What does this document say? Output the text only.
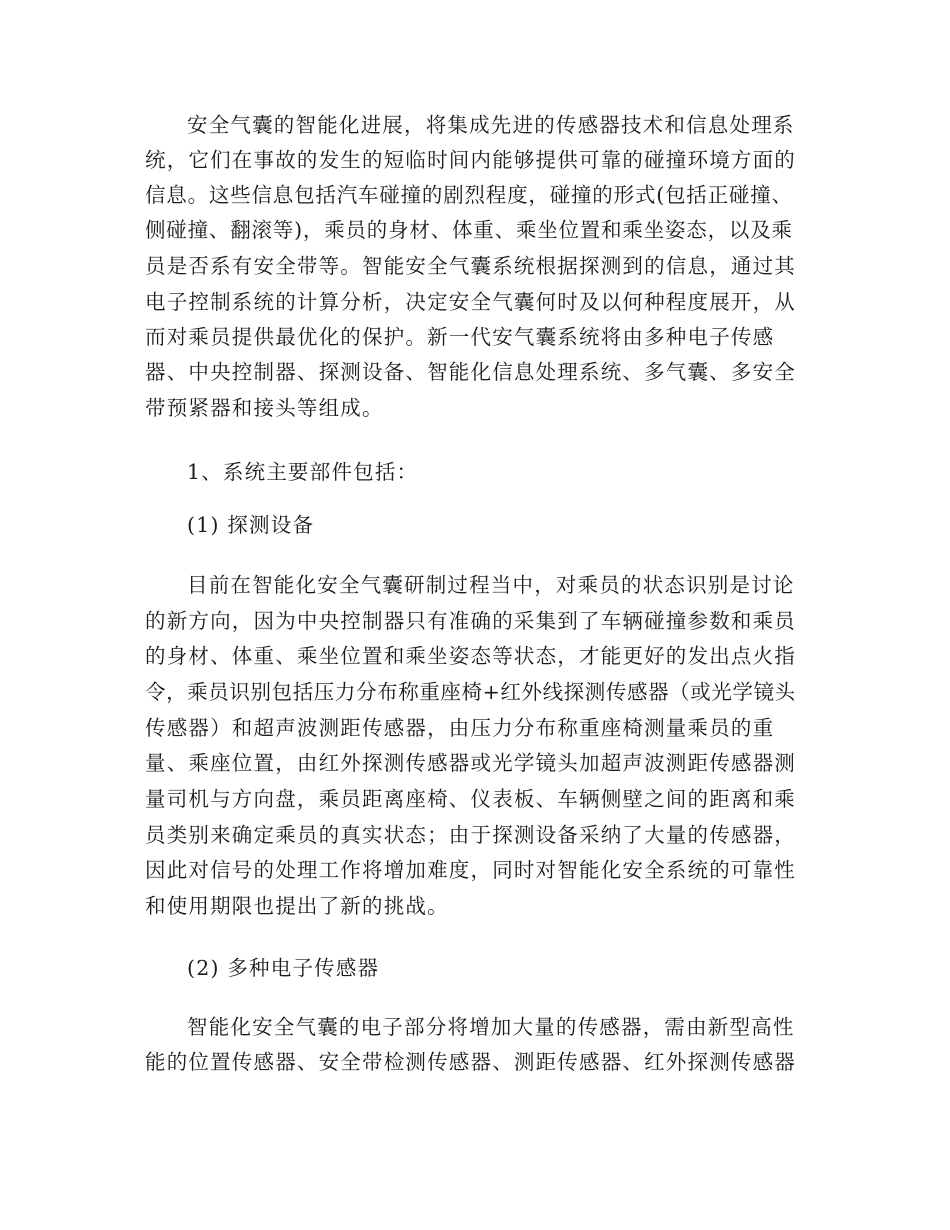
安全气囊的智能化进展，将集成先进的传感器技术和信息处理系
统，它们在事故的发生的短临时间内能够提供可靠的碰撞环境方面的
信息。这些信息包括汽车碰撞的剧烈程度，碰撞的形式(包括正碰撞、
侧碰撞、翻滚等)，乘员的身材、体重、乘坐位置和乘坐姿态，以及乘
员是否系有安全带等。智能安全气囊系统根据探测到的信息，通过其
电子控制系统的计算分析，决定安全气囊何时及以何种程度展开，从
而对乘员提供最优化的保护。新一代安气囊系统将由多种电子传感
器、中央控制器、探测设备、智能化信息处理系统、多气囊、多安全
带预紧器和接头等组成。
1、系统主要部件包括：
(1) 探测设备
目前在智能化安全气囊研制过程当中，对乘员的状态识别是讨论
的新方向，因为中央控制器只有准确的采集到了车辆碰撞参数和乘员
的身材、体重、乘坐位置和乘坐姿态等状态，才能更好的发出点火指
令，乘员识别包括压力分布称重座椅+红外线探测传感器（或光学镜头
传感器）和超声波测距传感器，由压力分布称重座椅测量乘员的重
量、乘座位置，由红外探测传感器或光学镜头加超声波测距传感器测
量司机与方向盘，乘员距离座椅、仪表板、车辆侧壁之间的距离和乘
员类别来确定乘员的真实状态；由于探测设备采纳了大量的传感器，
因此对信号的处理工作将增加难度，同时对智能化安全系统的可靠性
和使用期限也提出了新的挑战。
(2) 多种电子传感器
智能化安全气囊的电子部分将增加大量的传感器，需由新型高性
能的位置传感器、安全带检测传感器、测距传感器、红外探测传感器
